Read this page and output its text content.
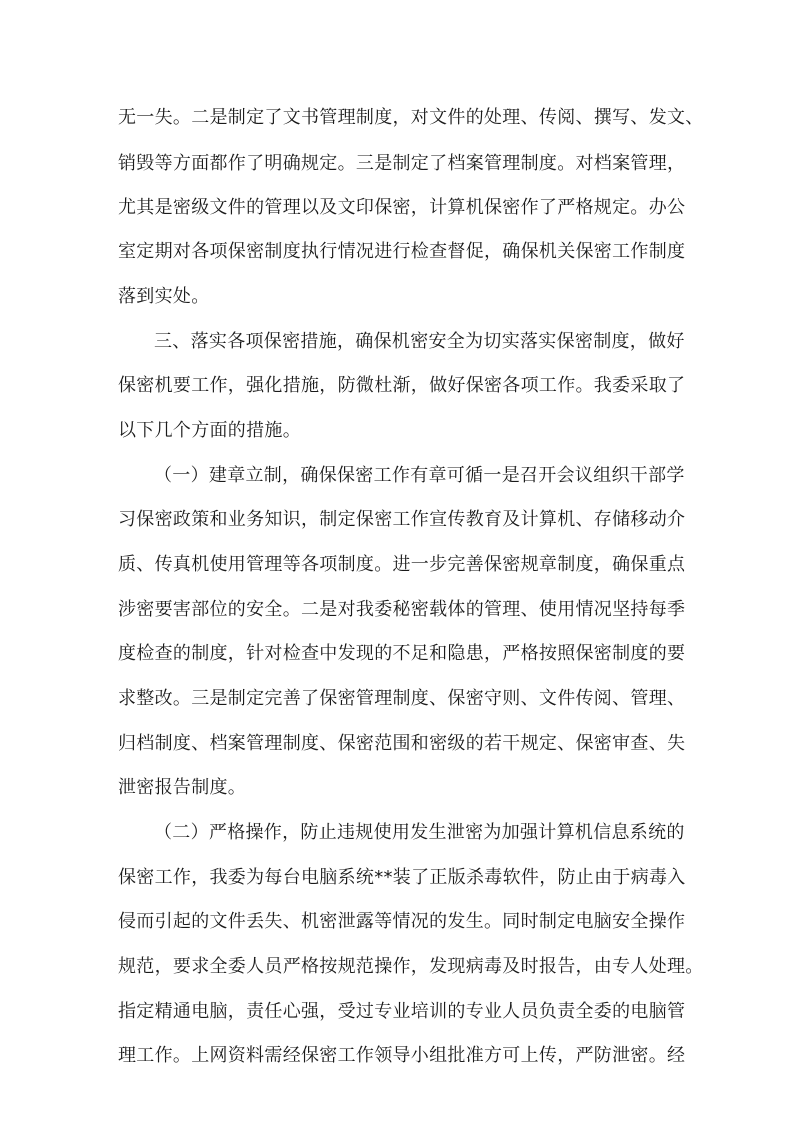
无一失。二是制定了文书管理制度，对文件的处理、传阅、撰写、发文、
销毁等方面都作了明确规定。三是制定了档案管理制度。对档案管理，
尤其是密级文件的管理以及文印保密，计算机保密作了严格规定。办公
室定期对各项保密制度执行情况进行检查督促，确保机关保密工作制度
落到实处。
三、落实各项保密措施，确保机密安全为切实落实保密制度，做好
保密机要工作，强化措施，防微杜渐，做好保密各项工作。我委采取了
以下几个方面的措施。
（一）建章立制，确保保密工作有章可循一是召开会议组织干部学
习保密政策和业务知识，制定保密工作宣传教育及计算机、存储移动介
质、传真机使用管理等各项制度。进一步完善保密规章制度，确保重点
涉密要害部位的安全。二是对我委秘密载体的管理、使用情况坚持每季
度检查的制度，针对检查中发现的不足和隐患，严格按照保密制度的要
求整改。三是制定完善了保密管理制度、保密守则、文件传阅、管理、
归档制度、档案管理制度、保密范围和密级的若干规定、保密审查、失
泄密报告制度。
（二）严格操作，防止违规使用发生泄密为加强计算机信息系统的
保密工作，我委为每台电脑系统**装了正版杀毒软件，防止由于病毒入
侵而引起的文件丢失、机密泄露等情况的发生。同时制定电脑安全操作
规范，要求全委人员严格按规范操作，发现病毒及时报告，由专人处理。
指定精通电脑，责任心强，受过专业培训的专业人员负责全委的电脑管
理工作。上网资料需经保密工作领导小组批准方可上传，严防泄密。经
